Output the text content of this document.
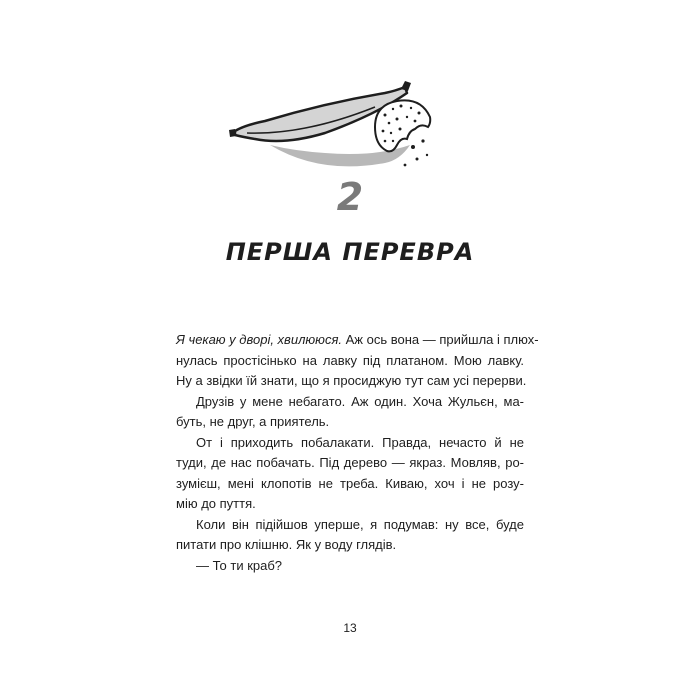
2
ПЕРША ПЕРЕВРА
Я чекаю у дворі, хвилююся. Аж ось вона — прийшла і плюх-
нулась простісінько на лавку під платаном. Мою лавку.
Ну а звідки їй знати, що я просиджую тут сам усі перерви.
Друзів у мене небагато. Аж один. Хоча Жульєн, ма-
буть, не друг, а приятель.
От і приходить побалакати. Правда, нечасто й не
туди, де нас побачать. Під дерево — якраз. Мовляв, ро-
зумієш, мені клопотів не треба. Киваю, хоч і не розу-
мію до пуття.
Коли він підійшов уперше, я подумав: ну все, буде
питати про клішню. Як у воду глядів.
— То ти краб?
13
